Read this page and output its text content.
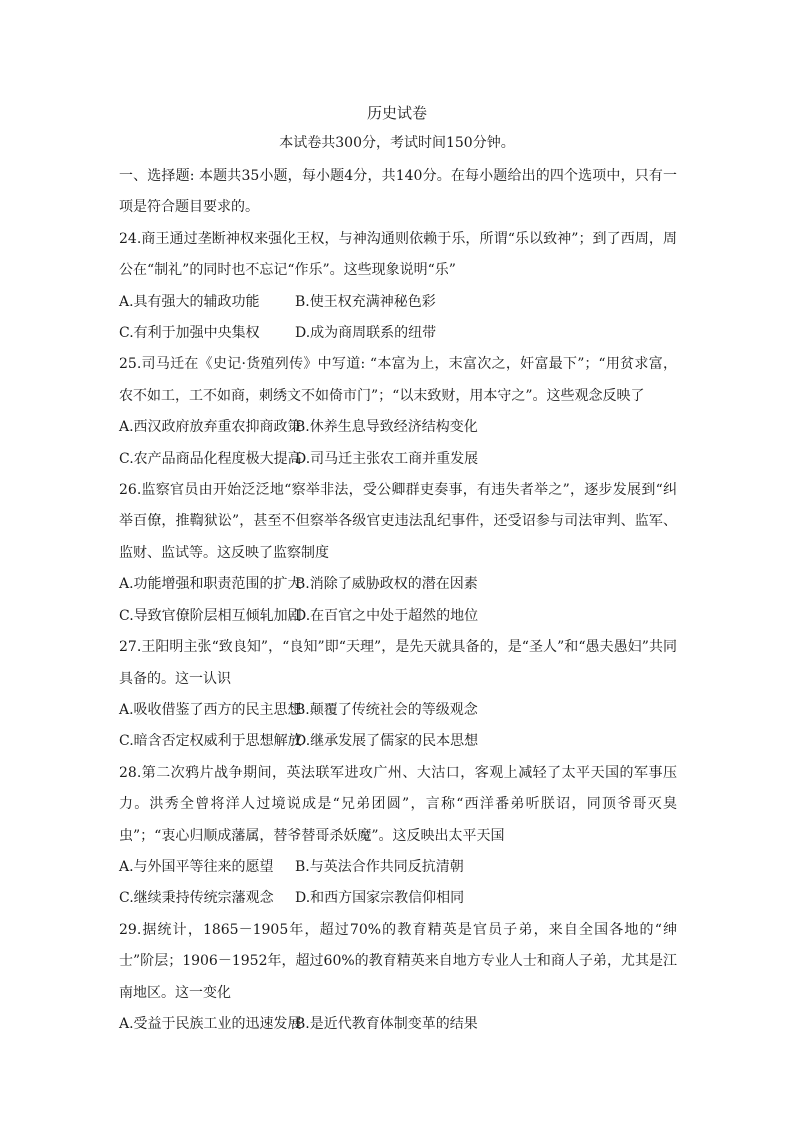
历史试卷
本试卷共300分，考试时间150分钟。

一、选择题: 本题共35小题，每小题4分，共140分。在每小题给出的四个选项中，只有一项是符合题目要求的。

24.商王通过垄断神权来强化王权，与神沟通则依赖于乐，所谓“乐以致神”；到了西周，周公在“制礼”的同时也不忘记“作乐”。这些现象说明“乐”

A.具有强大的辅政功能	B.使王权充满神秘色彩

C.有利于加强中央集权	D.成为商周联系的纽带

25.司马迁在《史记·货殖列传》中写道: “本富为上，末富次之，奸富最下”；“用贫求富，农不如工，工不如商，刺绣文不如倚市门”；“以末致财，用本守之”。这些观念反映了

A.西汉政府放弃重农抑商政策B.休养生息导致经济结构变化

C.农产品商品化程度极大提高D.司马迁主张农工商并重发展

26.监察官员由开始泛泛地“察举非法，受公卿群吏奏事，有违失者举之”，逐步发展到“纠举百僚，推鞫狱讼”，甚至不但察举各级官吏违法乱纪事件，还受诏参与司法审判、监军、监财、监试等。这反映了监察制度

A.功能增强和职责范围的扩大B.消除了威胁政权的潜在因素

C.导致官僚阶层相互倾轧加剧D.在百官之中处于超然的地位

27.王阳明主张“致良知”，“良知”即“天理”，是先天就具备的，是“圣人”和“愚夫愚妇”共同具备的。这一认识

A.吸收借鉴了西方的民主思想B.颠覆了传统社会的等级观念

C.暗含否定权威利于思想解放D.继承发展了儒家的民本思想

28.第二次鸦片战争期间，英法联军进攻广州、大沽口，客观上减轻了太平天国的军事压力。洪秀全曾将洋人过境说成是“兄弟团圆”，言称“西洋番弟听朕诏，同顶爷哥灭臭虫”；“衷心归顺成藩属，替爷替哥杀妖魔”。这反映出太平天国

A.与外国平等往来的愿望 B.与英法合作共同反抗清朝

C.继续秉持传统宗藩观念 D.和西方国家宗教信仰相同

29.据统计，1865－1905年，超过70%的教育精英是官员子弟，来自全国各地的“绅士”阶层；1906－1952年，超过60%的教育精英来自地方专业人士和商人子弟，尤其是江南地区。这一变化

A.受益于民族工业的迅速发展B.是近代教育体制变革的结果
